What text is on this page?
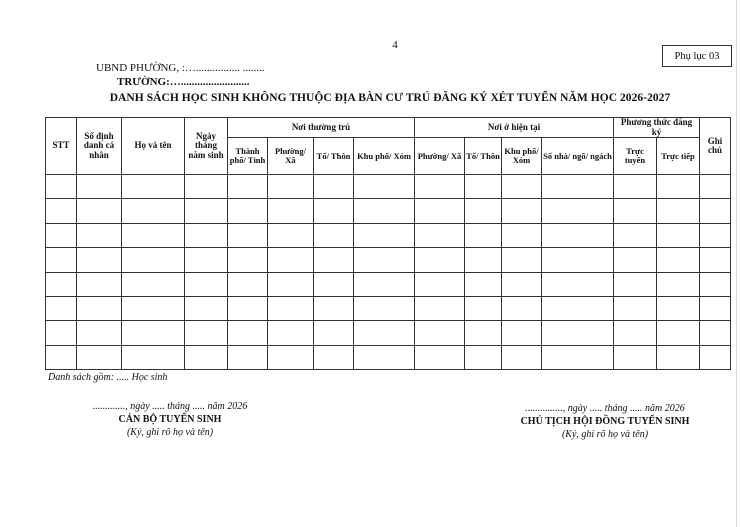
4
Phụ lục 03
UBND PHƯỜNG, :…................ ........
TRƯỜNG:….........................
DANH SÁCH HỌC SINH KHÔNG THUỘC ĐỊA BÀN CƯ TRÚ ĐĂNG KÝ XÉT TUYỂN NĂM HỌC 2026-2027
STT	Số định danh cá nhân	Họ và tên	Ngày tháng năm sinh	Nơi thường trú				Nơi ở hiện tại				Phương thức đăng ký		Ghi chú
				Thành phố/ Tỉnh	Phường/ Xã	Tổ/ Thôn	Khu phố/ Xóm	Phường/ Xã	Tổ/ Thôn	Khu phố/ Xóm	Số nhà/ ngõ/ ngách	Trực tuyến	Trực tiếp	

Danh sách gồm: ..... Học sinh
............., ngày ..... tháng ..... năm 2026
CÁN BỘ TUYỂN SINH
(Ký, ghi rõ họ và tên)
..............., ngày ..... tháng ..... năm 2026
CHỦ TỊCH HỘI ĐỒNG TUYỂN SINH
(Ký, ghi rõ họ và tên)
